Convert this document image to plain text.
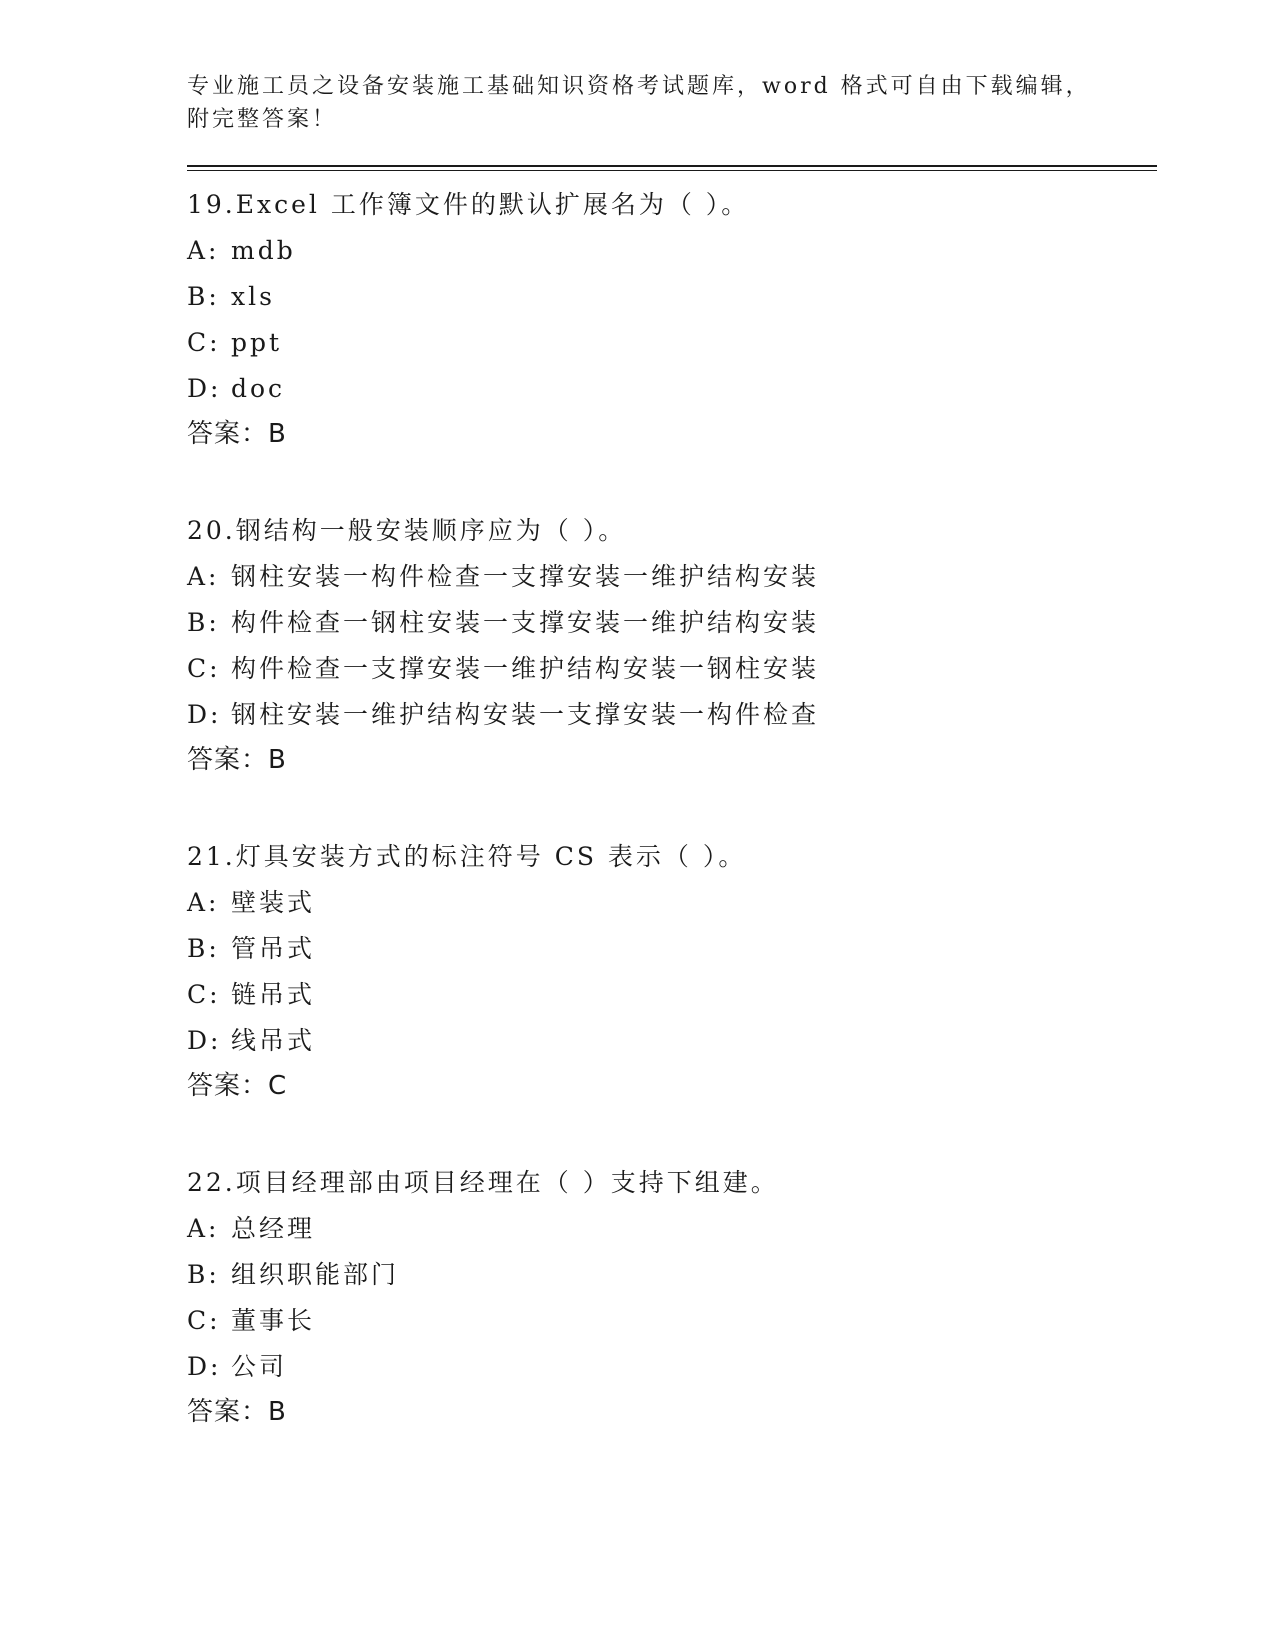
专业施工员之设备安装施工基础知识资格考试题库，word 格式可自由下载编辑，
附完整答案！

19.Excel 工作簿文件的默认扩展名为（ ）。
A: mdb
B: xls
C: ppt
D: doc
答案：B
20.钢结构一般安装顺序应为（ ）。
A: 钢柱安装一构件检查一支撑安装一维护结构安装
B: 构件检查一钢柱安装一支撑安装一维护结构安装
C: 构件检查一支撑安装一维护结构安装一钢柱安装
D: 钢柱安装一维护结构安装一支撑安装一构件检查
答案：B
21.灯具安装方式的标注符号 CS 表示（ ）。
A: 壁装式
B: 管吊式
C: 链吊式
D: 线吊式
答案：C
22.项目经理部由项目经理在（ ）支持下组建。
A: 总经理
B: 组织职能部门
C: 董事长
D: 公司
答案：B
